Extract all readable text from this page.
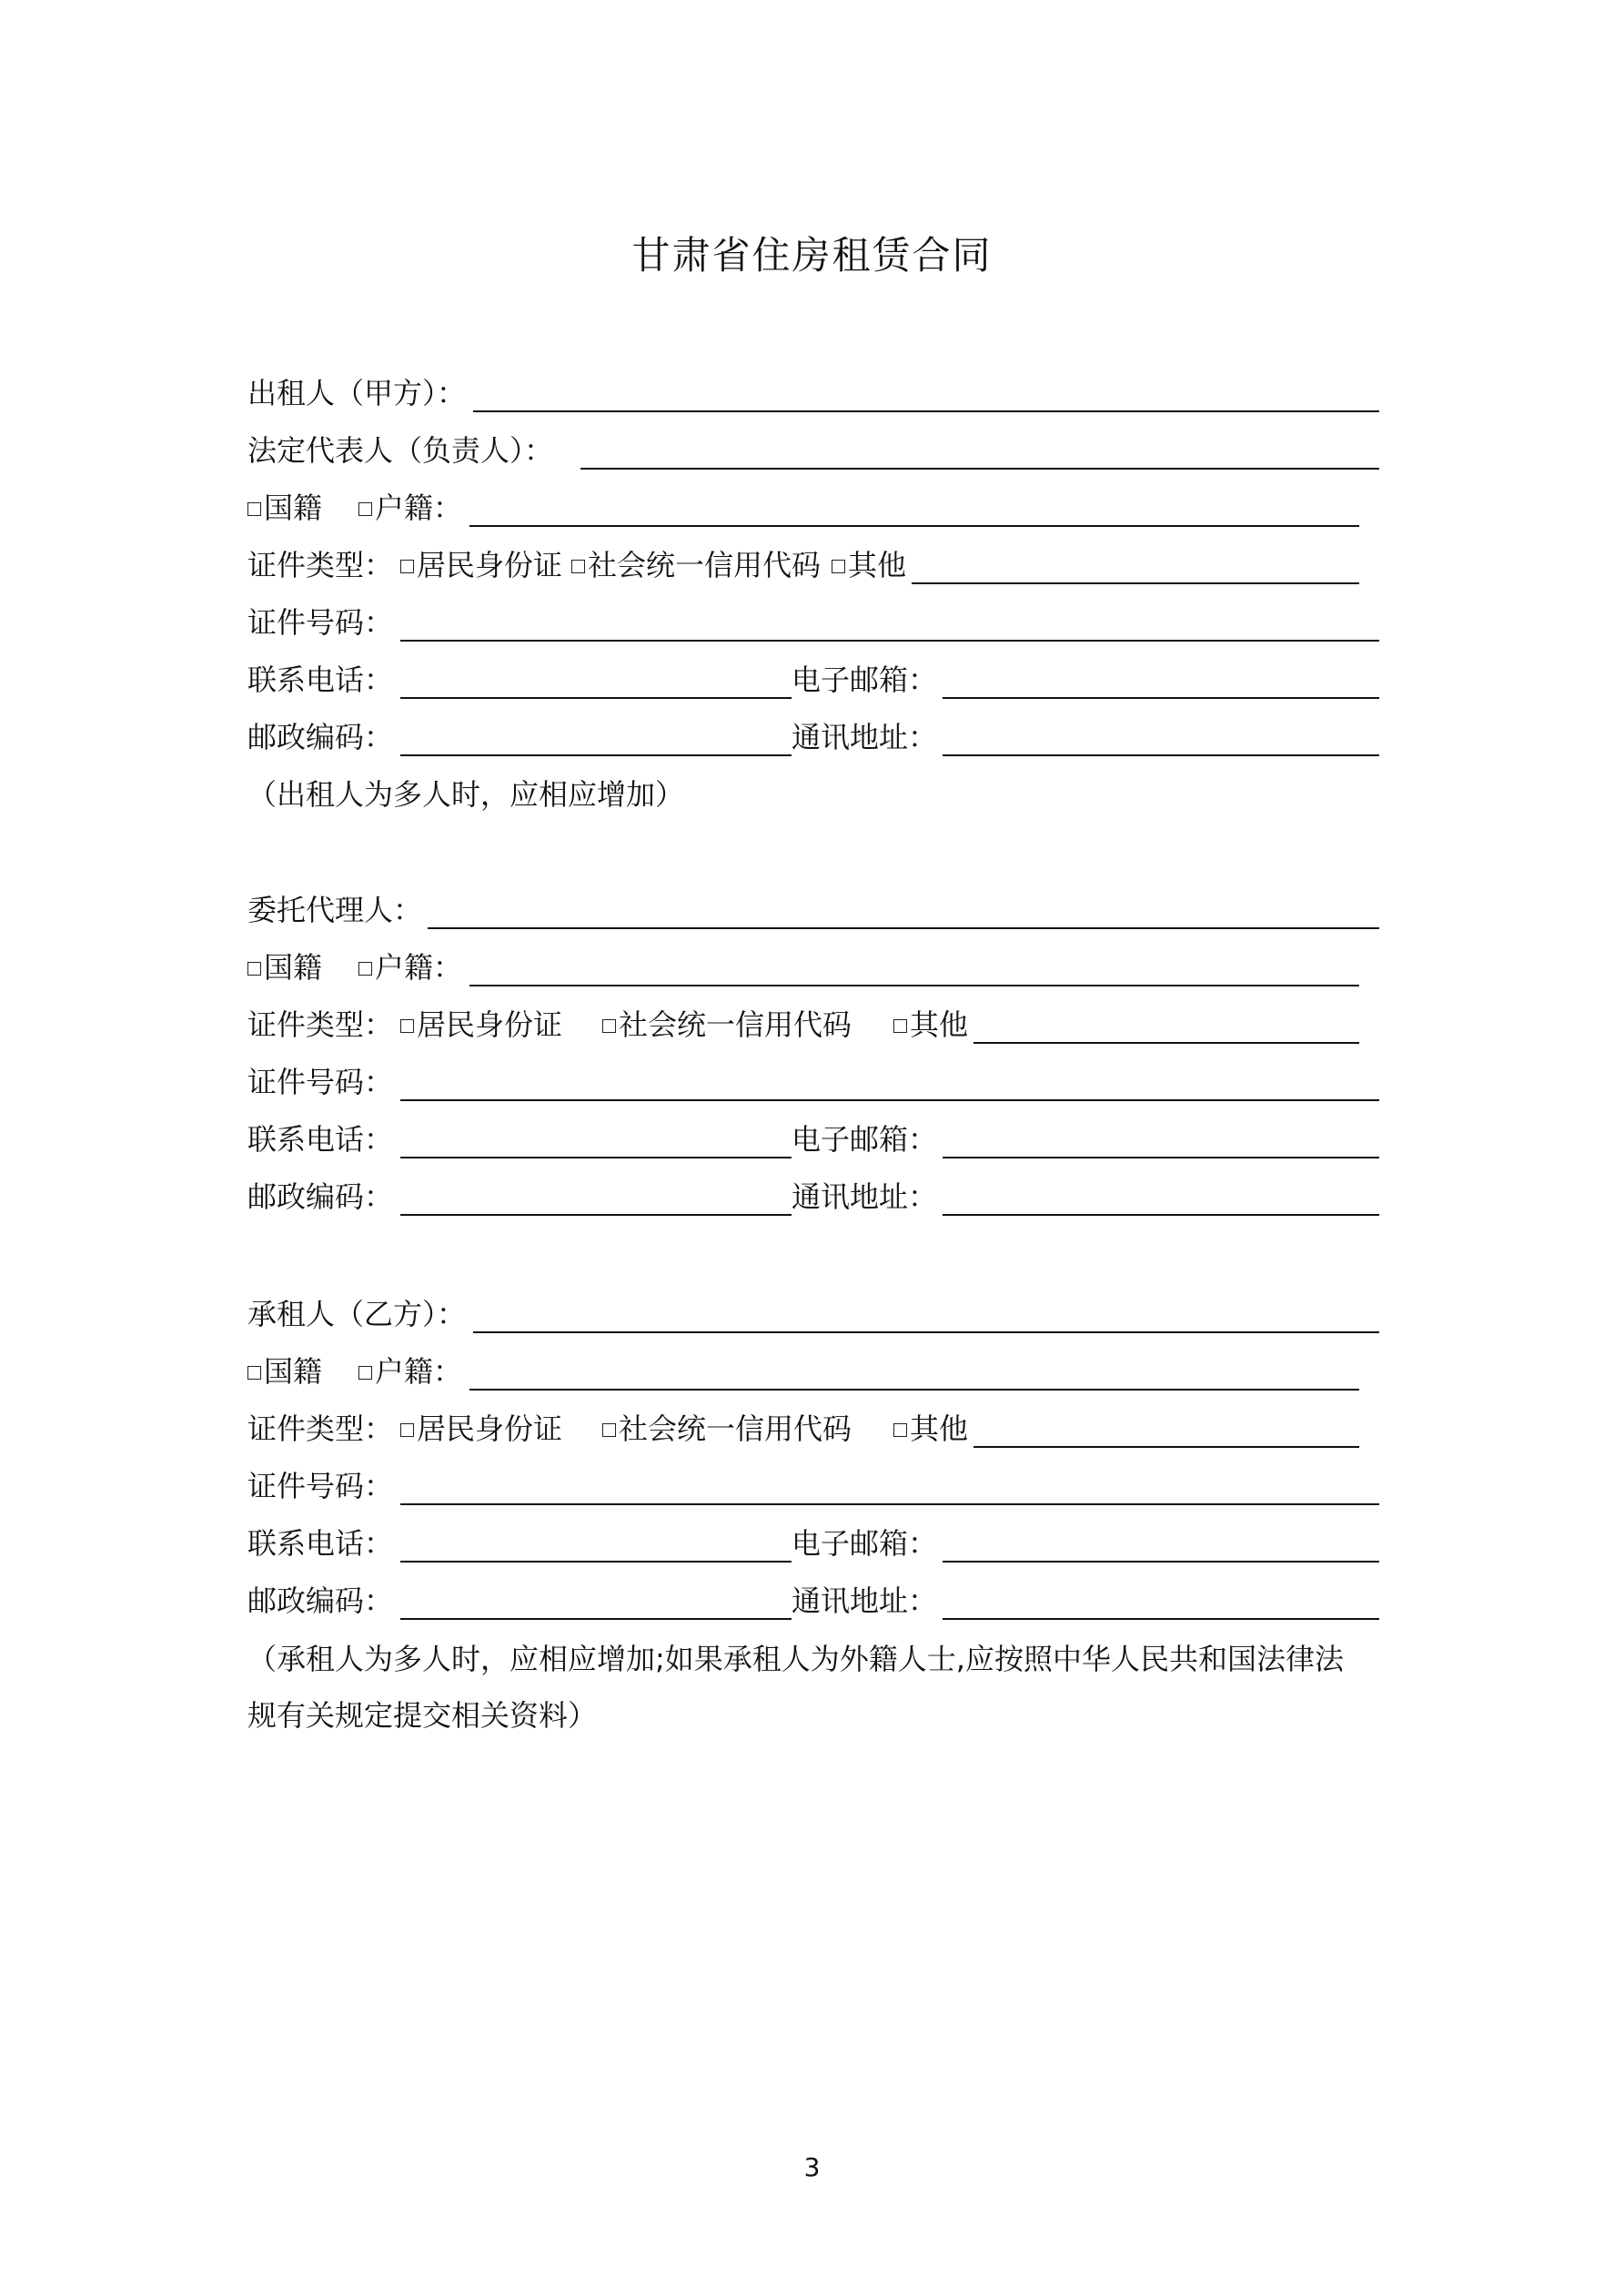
甘肃省住房租赁合同
出租人（甲方）：
法定代表人（负责人）：
国籍	户籍：
证件类型： 居民身份证 社会统一信用代码 其他
证件号码：
联系电话：	电子邮箱：
邮政编码：	通讯地址：
（出租人为多人时，应相应增加）
委托代理人：
国籍	户籍：
证件类型： 居民身份证	社会统一信用代码	其他
证件号码：
联系电话：	电子邮箱：
邮政编码：	通讯地址：
承租人（乙方）：
国籍	户籍：
证件类型： 居民身份证	社会统一信用代码	其他
证件号码：
联系电话：	电子邮箱：
邮政编码：	通讯地址：
（承租人为多人时，应相应增加;如果承租人为外籍人士,应按照中华人民共和国法律法
规有关规定提交相关资料）
3
